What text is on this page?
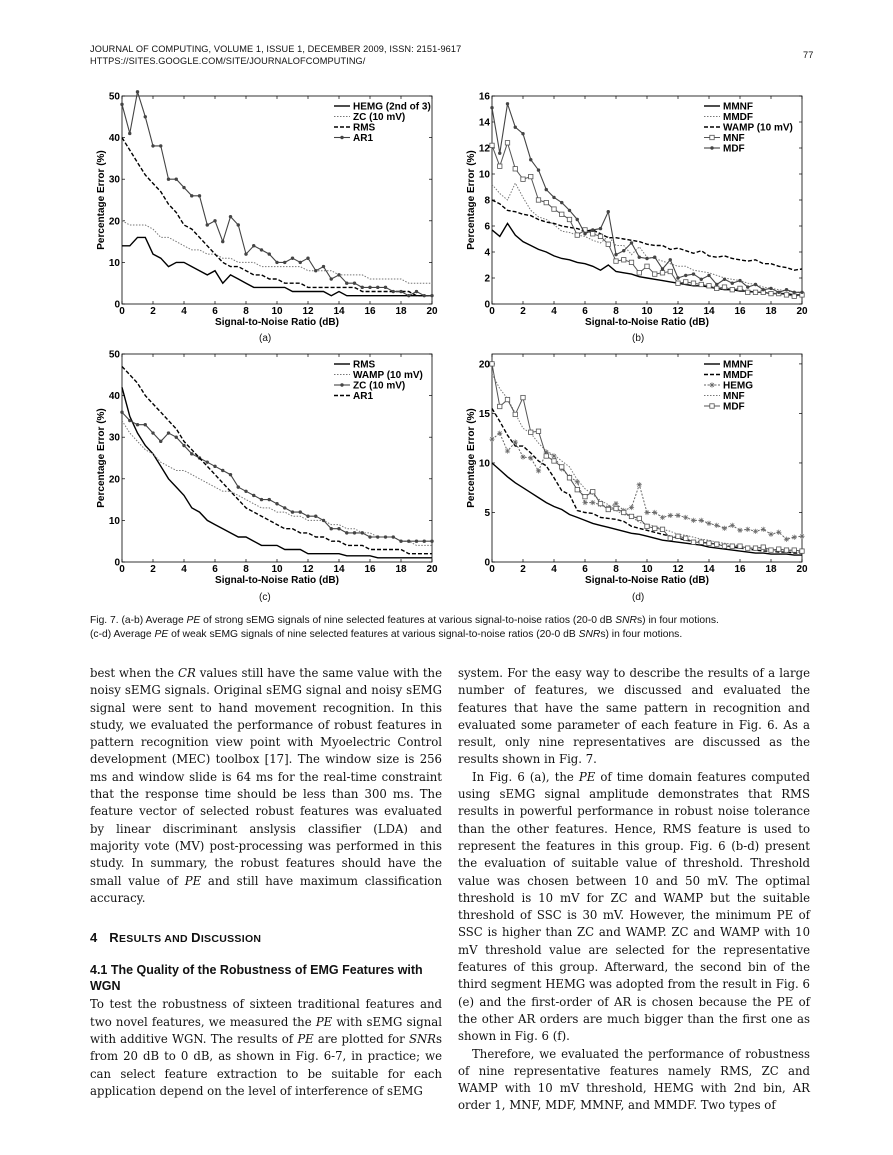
JOURNAL OF COMPUTING, VOLUME 1, ISSUE 1, DECEMBER 2009, ISSN: 2151-9617
HTTPS://SITES.GOOGLE.COM/SITE/JOURNALOFCOMPUTING/
77
0	2	4	6	8 10 12 14 16 18 20
0
10
20
30
40
50
Signal-to-Noise Ratio (dB)
Percentage Error (%)
HEMG (2nd of 3)
ZC (10 mV)
RMS
AR1
0	2	4	6	8 10 12 14 16 18 20
0
2
4
6
8
10
12
14
16
Signal-to-Noise Ratio (dB)
Percentage Error (%)
MMNF
MMDF
WAMP (10 mV)
MNF
MDF
0	2	4	6	8 10 12 14 16 18 20
0
10
20
30
40
50
Signal-to-Noise Ratio (dB)
Percentage Error (%)
RMS
WAMP (10 mV)
ZC (10 mV)
AR1
0	2	4	6	8 10 12 14 16 18 20
0
5
10
15
20
Signal-to-Noise Ratio (dB)
Percentage Error (%)
MMNF
MMDF
HEMG
MNF
MDF
(a)	(b)
(c)	(d)
Fig. 7. (a-b) Average PE of strong sEMG signals of nine selected features at various signal-to-noise ratios (20-0 dB SNRs) in four motions.
(c-d) Average PE of weak sEMG signals of nine selected features at various signal-to-noise ratios (20-0 dB SNRs) in four motions.

best when the CR values still have the same value with the noisy sEMG signals. Original sEMG signal and noisy sEMG signal were sent to hand movement recognition. In this study, we evaluated the performance of robust features in pattern recognition view point with Myoelectric Control development (MEC) toolbox [17]. The window size is 256 ms and window slide is 64 ms for the real-time constraint that the response time should be less than 300 ms. The feature vector of selected robust features was evaluated by linear discriminant anslysis classifier (LDA) and majority vote (MV) post-processing was performed in this study. In summary, the robust features should have the small value of PE and still have maximum classification accuracy.

4 RESULTS AND DISCUSSION
4.1 The Quality of the Robustness of EMG Features with WGN

To test the robustness of sixteen traditional features and two novel features, we measured the PE with sEMG signal with additive WGN. The results of PE are plotted for SNRs from 20 dB to 0 dB, as shown in Fig. 6-7, in practice; we can select feature extraction to be suitable for each application depend on the level of interference of sEMG

system. For the easy way to describe the results of a large number of features, we discussed and evaluated the features that have the same pattern in recognition and evaluated some parameter of each feature in Fig. 6. As a result, only nine representatives are discussed as the results shown in Fig. 7.

In Fig. 6 (a), the PE of time domain features computed using sEMG signal amplitude demonstrates that RMS results in powerful performance in robust noise tolerance than the other features. Hence, RMS feature is used to represent the features in this group. Fig. 6 (b-d) present the evaluation of suitable value of threshold. Threshold value was chosen between 10 and 50 mV. The optimal threshold is 10 mV for ZC and WAMP but the suitable threshold of SSC is 30 mV. However, the minimum PE of SSC is higher than ZC and WAMP. ZC and WAMP with 10 mV threshold value are selected for the representative features of this group. Afterward, the second bin of the third segment HEMG was adopted from the result in Fig. 6 (e) and the first-order of AR is chosen because the PE of the other AR orders are much bigger than the first one as shown in Fig. 6 (f).

Therefore, we evaluated the performance of robustness of nine representative features namely RMS, ZC and WAMP with 10 mV threshold, HEMG with 2nd bin, AR order 1, MNF, MDF, MMNF, and MMDF. Two types of
